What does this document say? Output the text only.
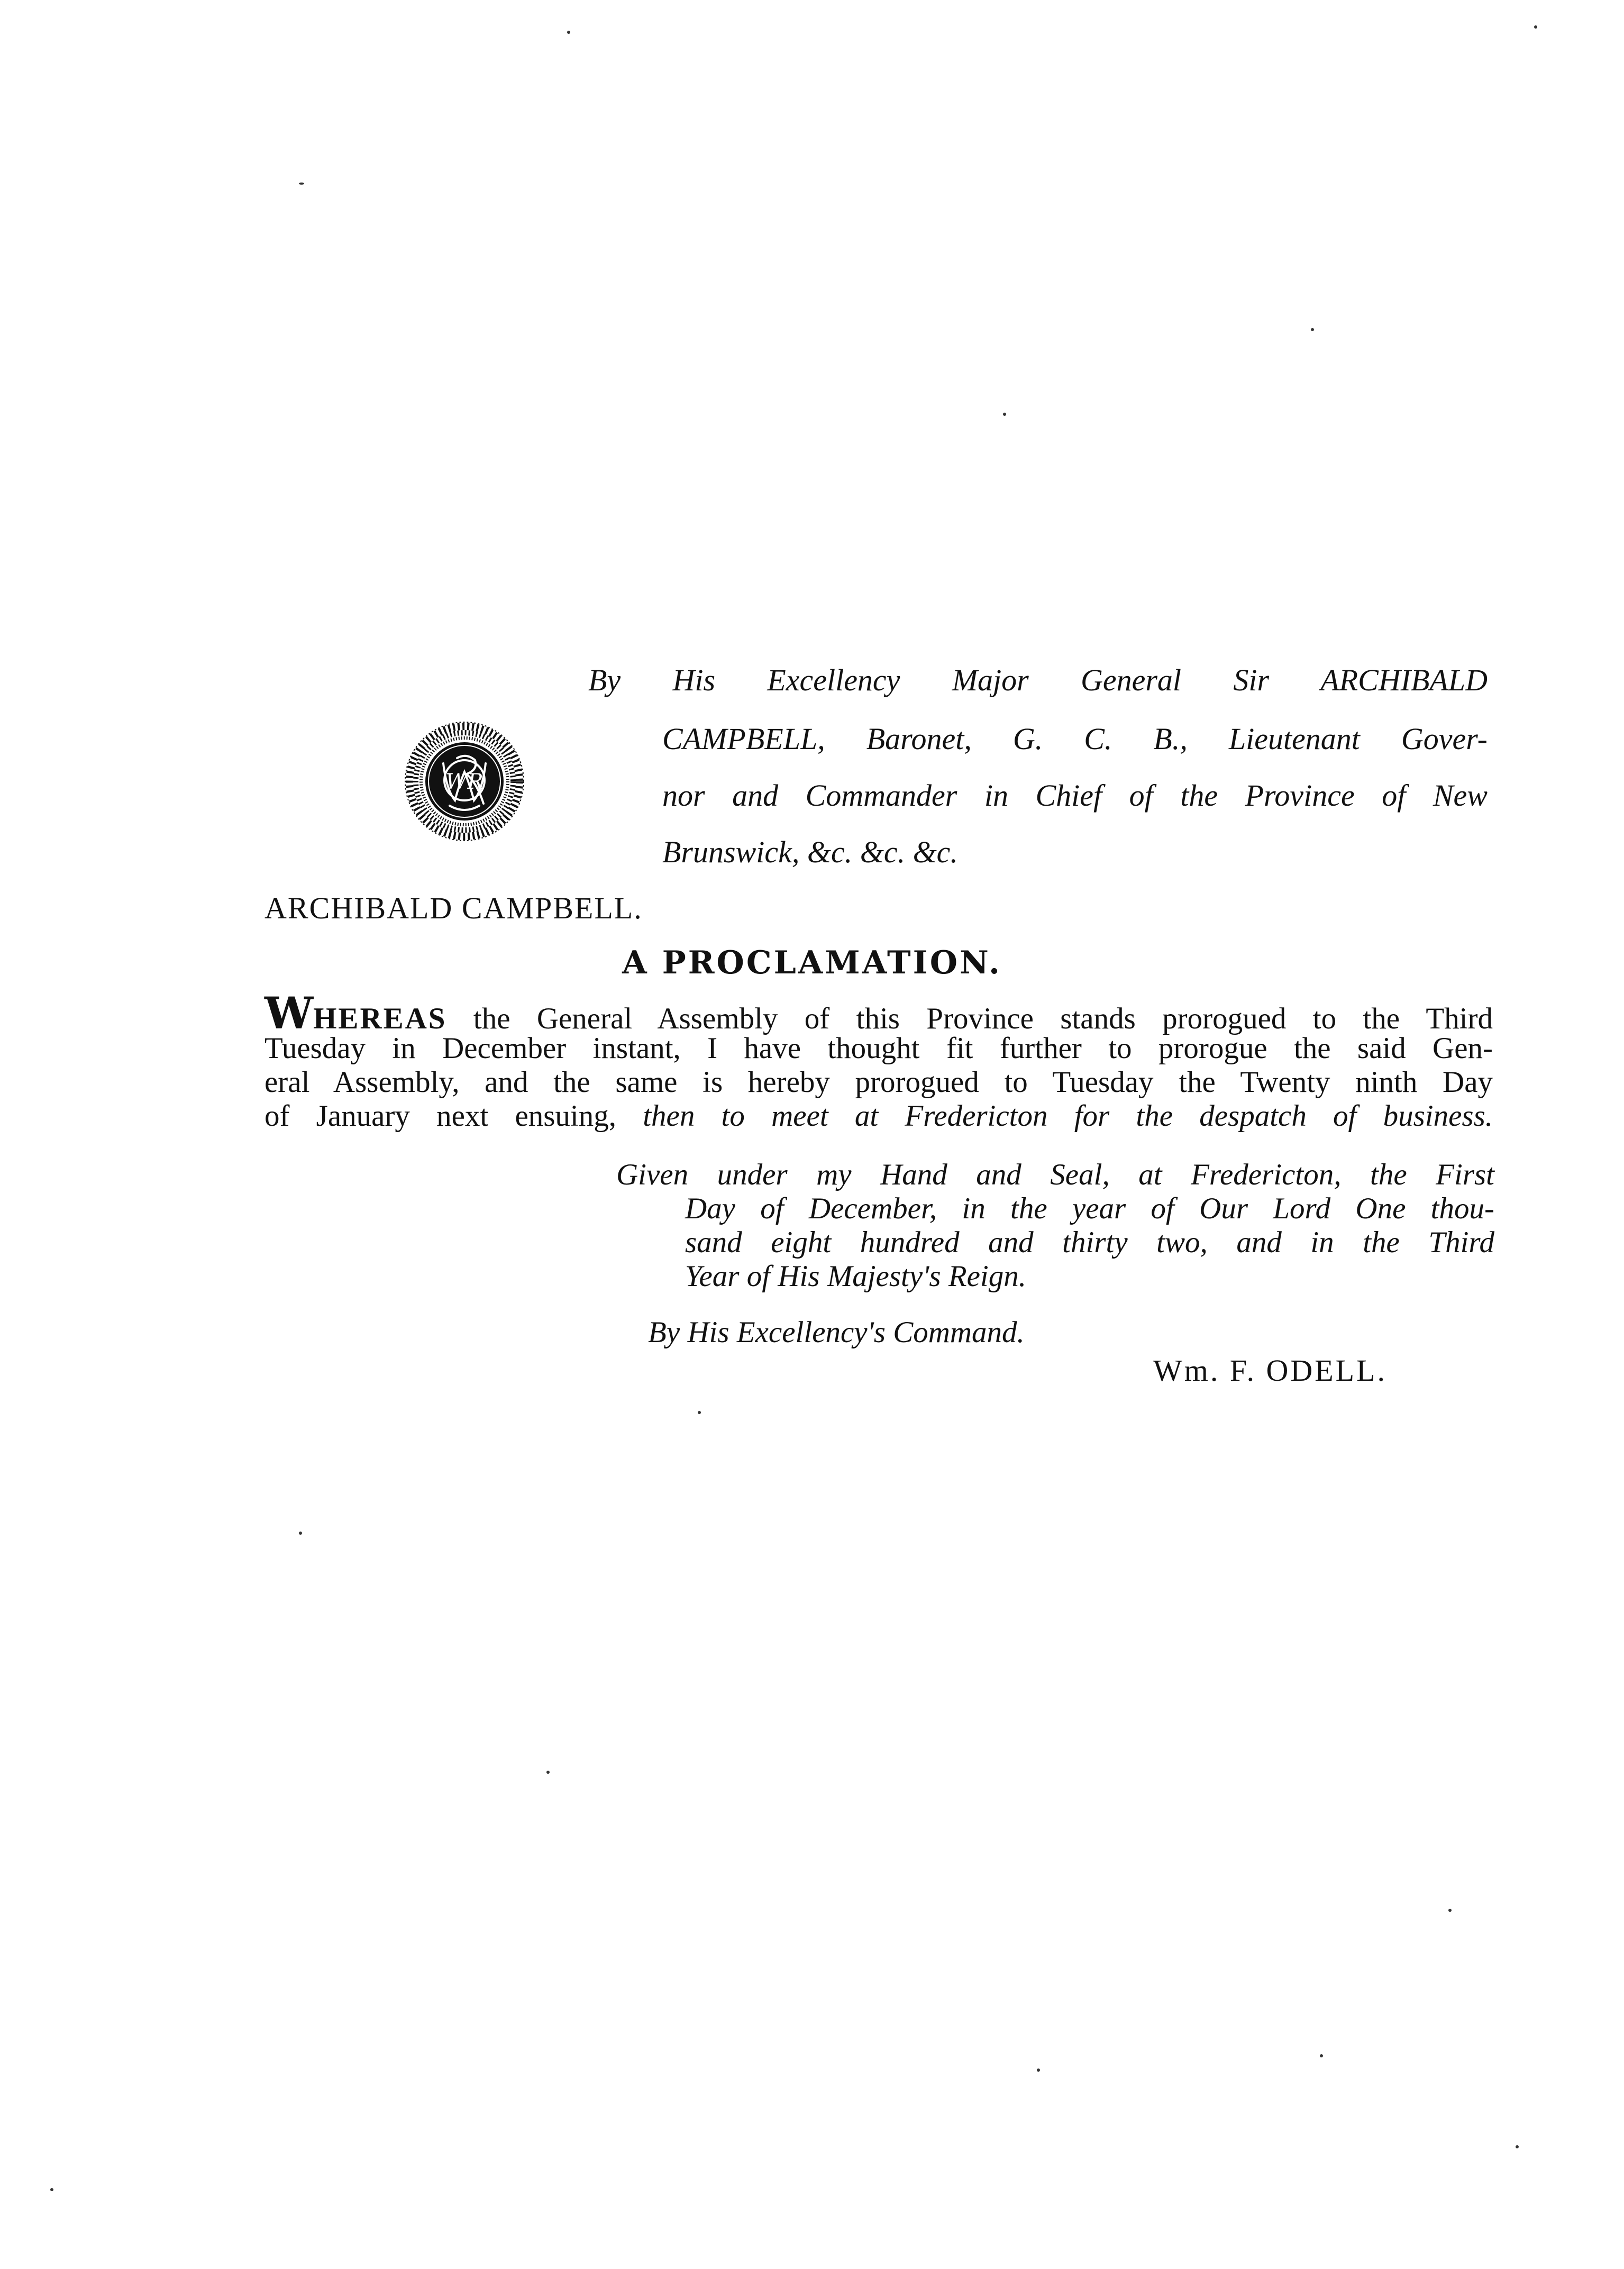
By His Excellency Major General Sir ARCHIBALD
CAMPBELL, Baronet, G. C. B., Lieutenant Gover-
nor and Commander in Chief of the Province of New
Brunswick, &c. &c. &c.
WR
ARCHIBALD CAMPBELL.
A PROCLAMATION.
WHEREAS the General Assembly of this Province stands prorogued to the Third
Tuesday in December instant, I have thought fit further to prorogue the said Gen-
eral Assembly, and the same is hereby prorogued to Tuesday the Twenty ninth Day
of January next ensuing, then to meet at Fredericton for the despatch of business.
Given under my Hand and Seal, at Fredericton, the First
Day of December, in the year of Our Lord One thou-
sand eight hundred and thirty two, and in the Third
Year of His Majesty's Reign.
By His Excellency's Command.
Wm. F. ODELL.
